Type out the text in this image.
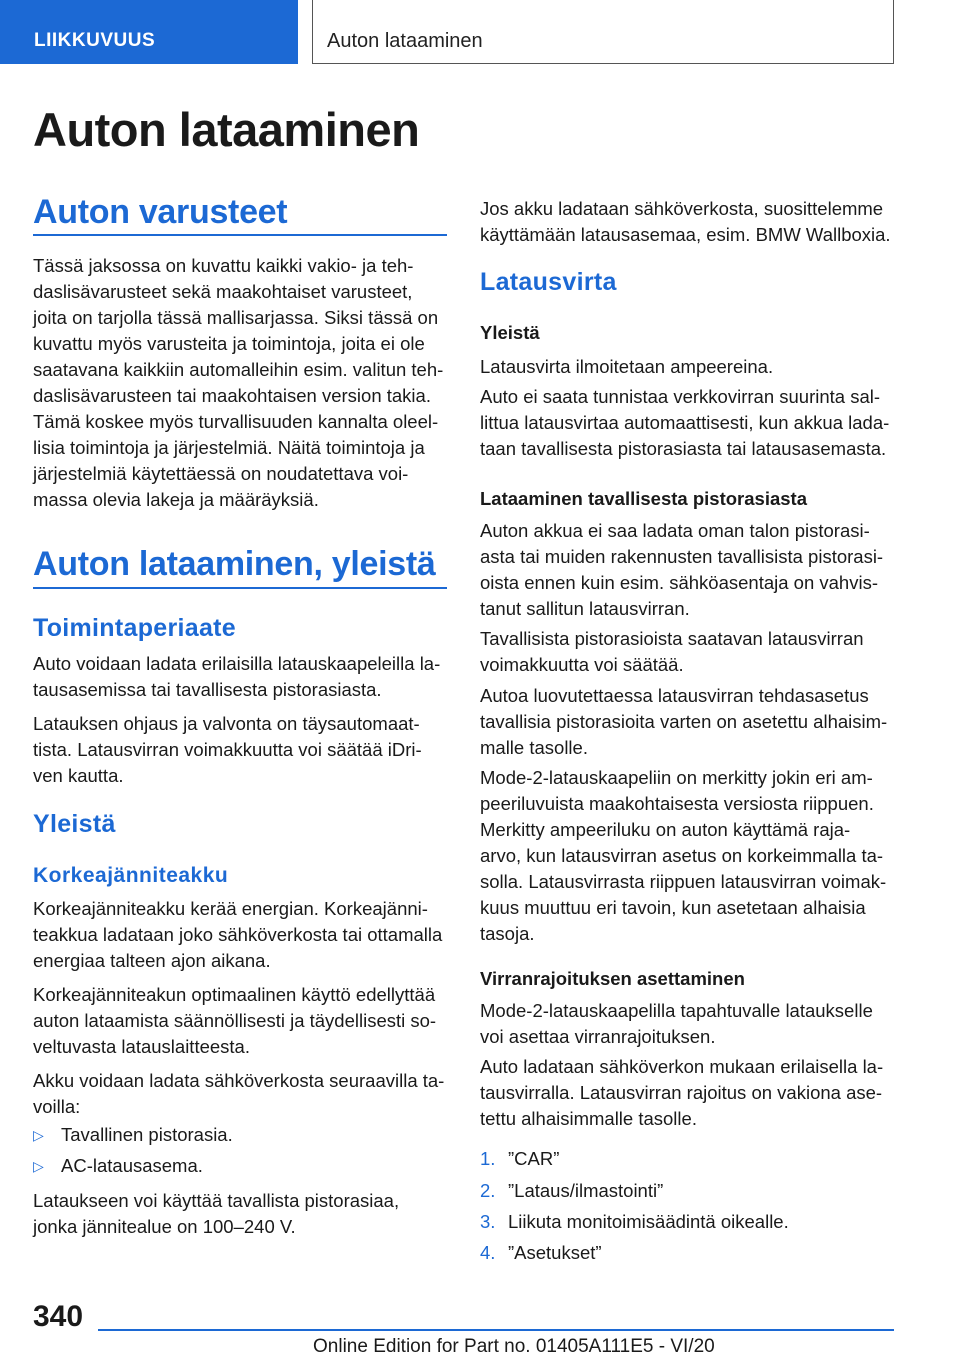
LIIKKUVUUS	Auton lataaminen
Auton lataaminen
Auton varusteet

Tässä jaksossa on kuvattu kaikki vakio- ja teh-
daslisävarusteet sekä maakohtaiset varusteet,
joita on tarjolla tässä mallisarjassa. Siksi tässä on
kuvattu myös varusteita ja toimintoja, joita ei ole
saatavana kaikkiin automalleihin esim. valitun teh-
daslisävarusteen tai maakohtaisen version takia.
Tämä koskee myös turvallisuuden kannalta oleel-
lisia toimintoja ja järjestelmiä. Näitä toimintoja ja
järjestelmiä käytettäessä on noudatettava voi-
massa olevia lakeja ja määräyksiä.

Auton lataaminen, yleistä
Toimintaperiaate

Auto voidaan ladata erilaisilla latauskaapeleilla la-
tausasemissa tai tavallisesta pistorasiasta.

Latauksen ohjaus ja valvonta on täysautomaat-
tista. Latausvirran voimakkuutta voi säätää iDri-
ven kautta.

Yleistä
Korkeajänniteakku

Korkeajänniteakku kerää energian. Korkeajänni-
teakkua ladataan joko sähköverkosta tai ottamalla
energiaa talteen ajon aikana.

Korkeajänniteakun optimaalinen käyttö edellyttää
auton lataamista säännöllisesti ja täydellisesti so-
veltuvasta latauslaitteesta.

Akku voidaan ladata sähköverkosta seuraavilla ta-
voilla:

▷ Tavallinen pistorasia.
▷ AC-latausasema.

Lataukseen voi käyttää tavallista pistorasiaa,
jonka jännitealue on 100–240 V.

Jos akku ladataan sähköverkosta, suosittelemme
käyttämään latausasemaa, esim. BMW Wallboxia.

Latausvirta
Yleistä

Latausvirta ilmoitetaan ampeereina.

Auto ei saata tunnistaa verkkovirran suurinta sal-
littua latausvirtaa automaattisesti, kun akkua lada-
taan tavallisesta pistorasiasta tai latausasemasta.

Lataaminen tavallisesta pistorasiasta

Auton akkua ei saa ladata oman talon pistorasi-
asta tai muiden rakennusten tavallisista pistorasi-
oista ennen kuin esim. sähköasentaja on vahvis-
tanut sallitun latausvirran.

Tavallisista pistorasioista saatavan latausvirran
voimakkuutta voi säätää.

Autoa luovutettaessa latausvirran tehdasasetus
tavallisia pistorasioita varten on asetettu alhaisim-
malle tasolle.

Mode-2-latauskaapeliin on merkitty jokin eri am-
peeriluvuista maakohtaisesta versiosta riippuen.
Merkitty ampeeriluku on auton käyttämä raja-
arvo, kun latausvirran asetus on korkeimmalla ta-
solla. Latausvirrasta riippuen latausvirran voimak-
kuus muuttuu eri tavoin, kun asetetaan alhaisia
tasoja.

Virranrajoituksen asettaminen

Mode-2-latauskaapelilla tapahtuvalle lataukselle
voi asettaa virranrajoituksen.

Auto ladataan sähköverkon mukaan erilaisella la-
tausvirralla. Latausvirran rajoitus on vakiona ase-
tettu alhaisimmalle tasolle.

1. ”CAR”
2. ”Lataus/ilmastointi”
3. Liikuta monitoimisäädintä oikealle.
4. ”Asetukset”
340
Online Edition for Part no. 01405A111E5 - VI/20
